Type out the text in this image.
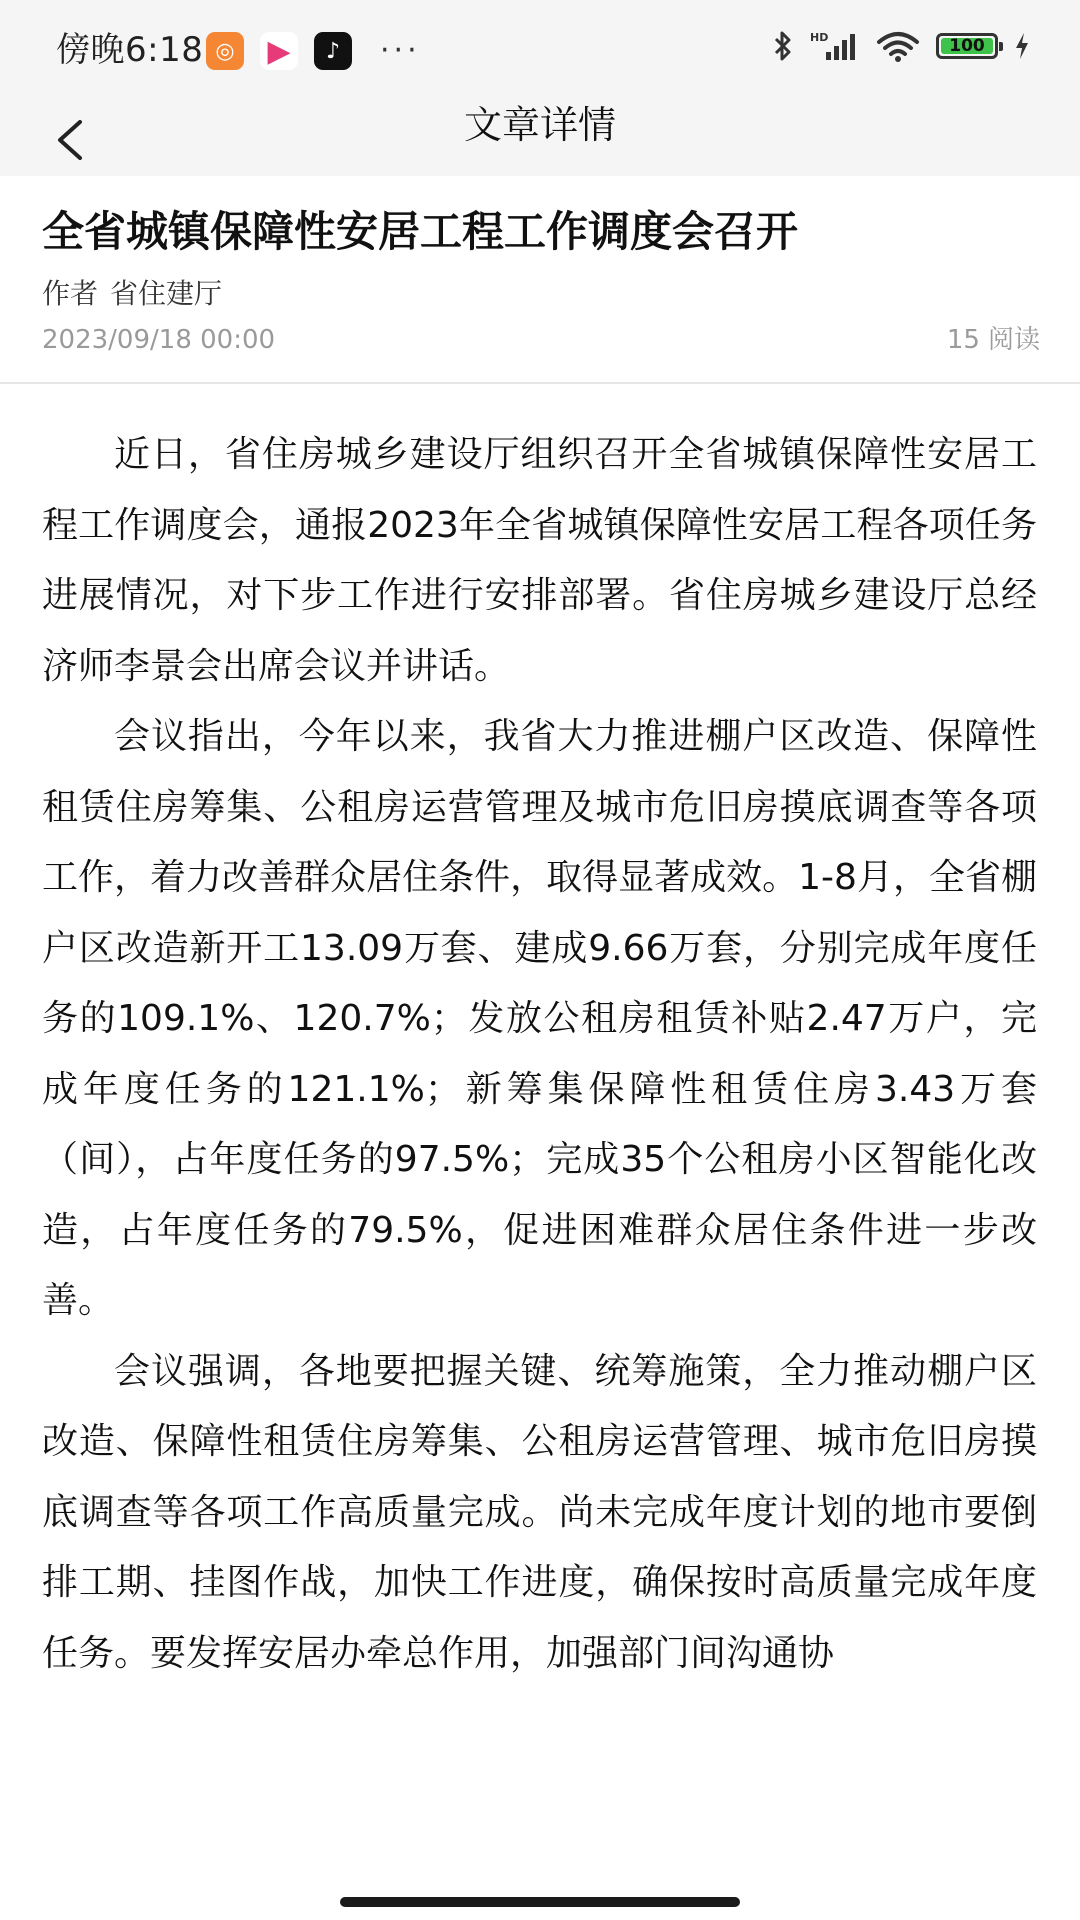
傍晚6:18 ◎	▶	♪	···	HD	100
文章详情
全省城镇保障性安居工程工作调度会召开
作者 省住建厅
2023/09/18 00:00	15 阅读

近日，省住房城乡建设厅组织召开全省城镇保障性安居工程工作调度会，通报2023年全省城镇保障性安居工程各项任务进展情况，对下步工作进行安排部署。省住房城乡建设厅总经济师李景会出席会议并讲话。

会议指出，今年以来，我省大力推进棚户区改造、保障性租赁住房筹集、公租房运营管理及城市危旧房摸底调查等各项工作，着力改善群众居住条件，取得显著成效。1-8月，全省棚户区改造新开工13.09万套、建成9.66万套，分别完成年度任务的109.1%、120.7%；发放公租房租赁补贴2.47万户，完成年度任务的121.1%；新筹集保障性租赁住房3.43万套（间），占年度任务的97.5%；完成35个公租房小区智能化改造，占年度任务的79.5%，促进困难群众居住条件进一步改善。

会议强调，各地要把握关键、统筹施策，全力推动棚户区改造、保障性租赁住房筹集、公租房运营管理、城市危旧房摸底调查等各项工作高质量完成。尚未完成年度计划的地市要倒排工期、挂图作战，加快工作进度，确保按时高质量完成年度任务。要发挥安居办牵总作用，加强部门间沟通协
